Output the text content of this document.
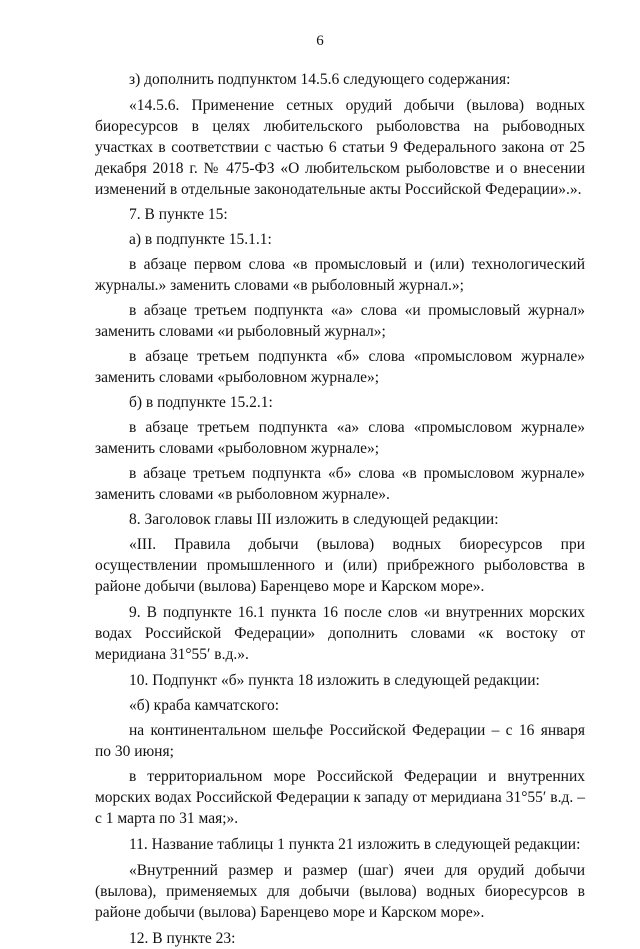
6

з) дополнить подпунктом 14.5.6 следующего содержания:

«14.5.6. Применение сетных орудий добычи (вылова) водных биоресурсов в целях любительского рыболовства на рыбоводных участках в соответствии с частью 6 статьи 9 Федерального закона от 25 декабря 2018 г. № 475-ФЗ «О любительском рыболовстве и о внесении изменений в отдельные законодательные акты Российской Федерации».».

7. В пункте 15:

а) в подпункте 15.1.1:

в абзаце первом слова «в промысловый и (или) технологический журналы.» заменить словами «в рыболовный журнал.»;

в абзаце третьем подпункта «а» слова «и промысловый журнал» заменить словами «и рыболовный журнал»;

в абзаце третьем подпункта «б» слова «промысловом журнале» заменить словами «рыболовном журнале»;

б) в подпункте 15.2.1:

в абзаце третьем подпункта «а» слова «промысловом журнале» заменить словами «рыболовном журнале»;

в абзаце третьем подпункта «б» слова «в промысловом журнале» заменить словами «в рыболовном журнале».

8. Заголовок главы III изложить в следующей редакции:

«III. Правила добычи (вылова) водных биоресурсов при осуществлении промышленного и (или) прибрежного рыболовства в районе добычи (вылова) Баренцево море и Карском море».

9. В подпункте 16.1 пункта 16 после слов «и внутренних морских водах Российской Федерации» дополнить словами «к востоку от меридиана 31°55′ в.д.».

10. Подпункт «б» пункта 18 изложить в следующей редакции:

«б) краба камчатского:

на континентальном шельфе Российской Федерации – с 16 января по 30 июня;

в территориальном море Российской Федерации и внутренних морских водах Российской Федерации к западу от меридиана 31°55′ в.д. – с 1 марта по 31 мая;».

11. Название таблицы 1 пункта 21 изложить в следующей редакции:

«Внутренний размер и размер (шаг) ячеи для орудий добычи (вылова), применяемых для добычи (вылова) водных биоресурсов в районе добычи (вылова) Баренцево море и Карском море».

12. В пункте 23:
